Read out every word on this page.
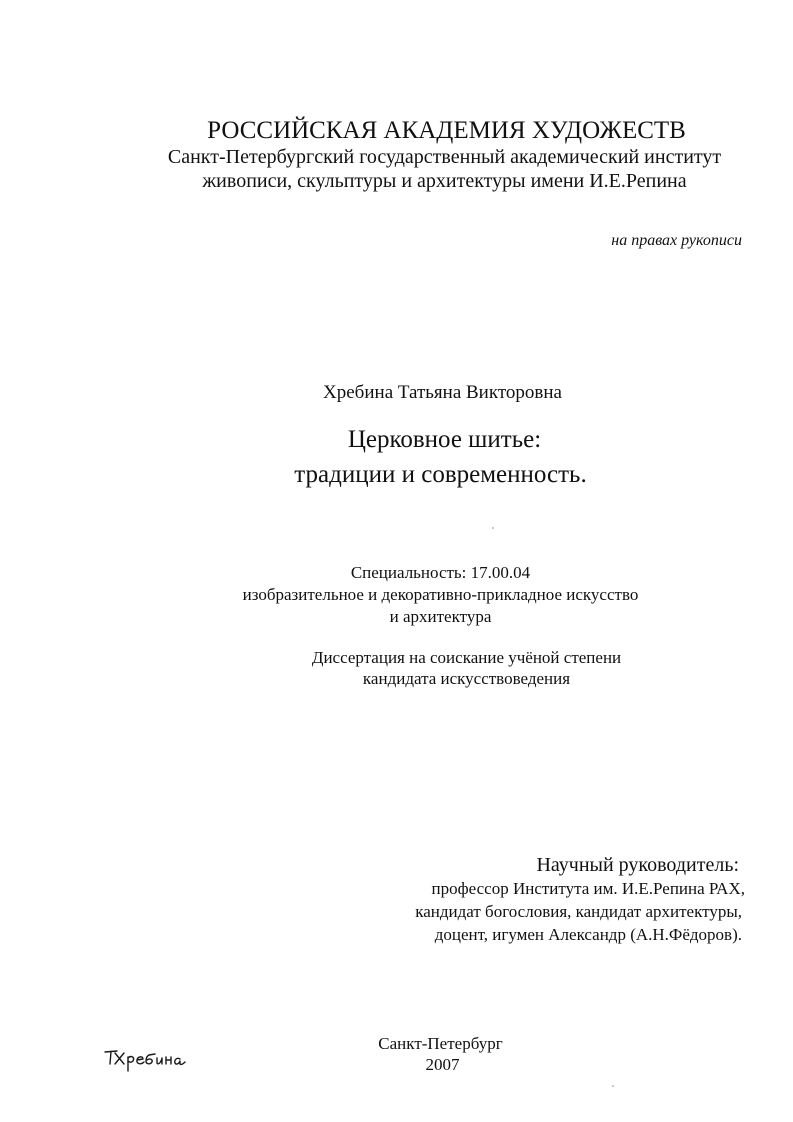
РОССИЙСКАЯ АКАДЕМИЯ ХУДОЖЕСТВ
Санкт-Петербургский государственный академический институт
живописи, скульптуры и архитектуры имени И.Е.Репина
на правах рукописи
Хребина Татьяна Викторовна
Церковное шитье:
традиции и современность.
Специальность: 17.00.04
изобразительное и декоративно-прикладное искусство
и архитектура
Диссертация на соискание учёной степени
кандидата искусствоведения
Научный руководитель:
профессор Института им. И.Е.Репина РАХ,
кандидат богословия, кандидат архитектуры,
доцент, игумен Александр (А.Н.Фёдоров).
Санкт-Петербург
2007
